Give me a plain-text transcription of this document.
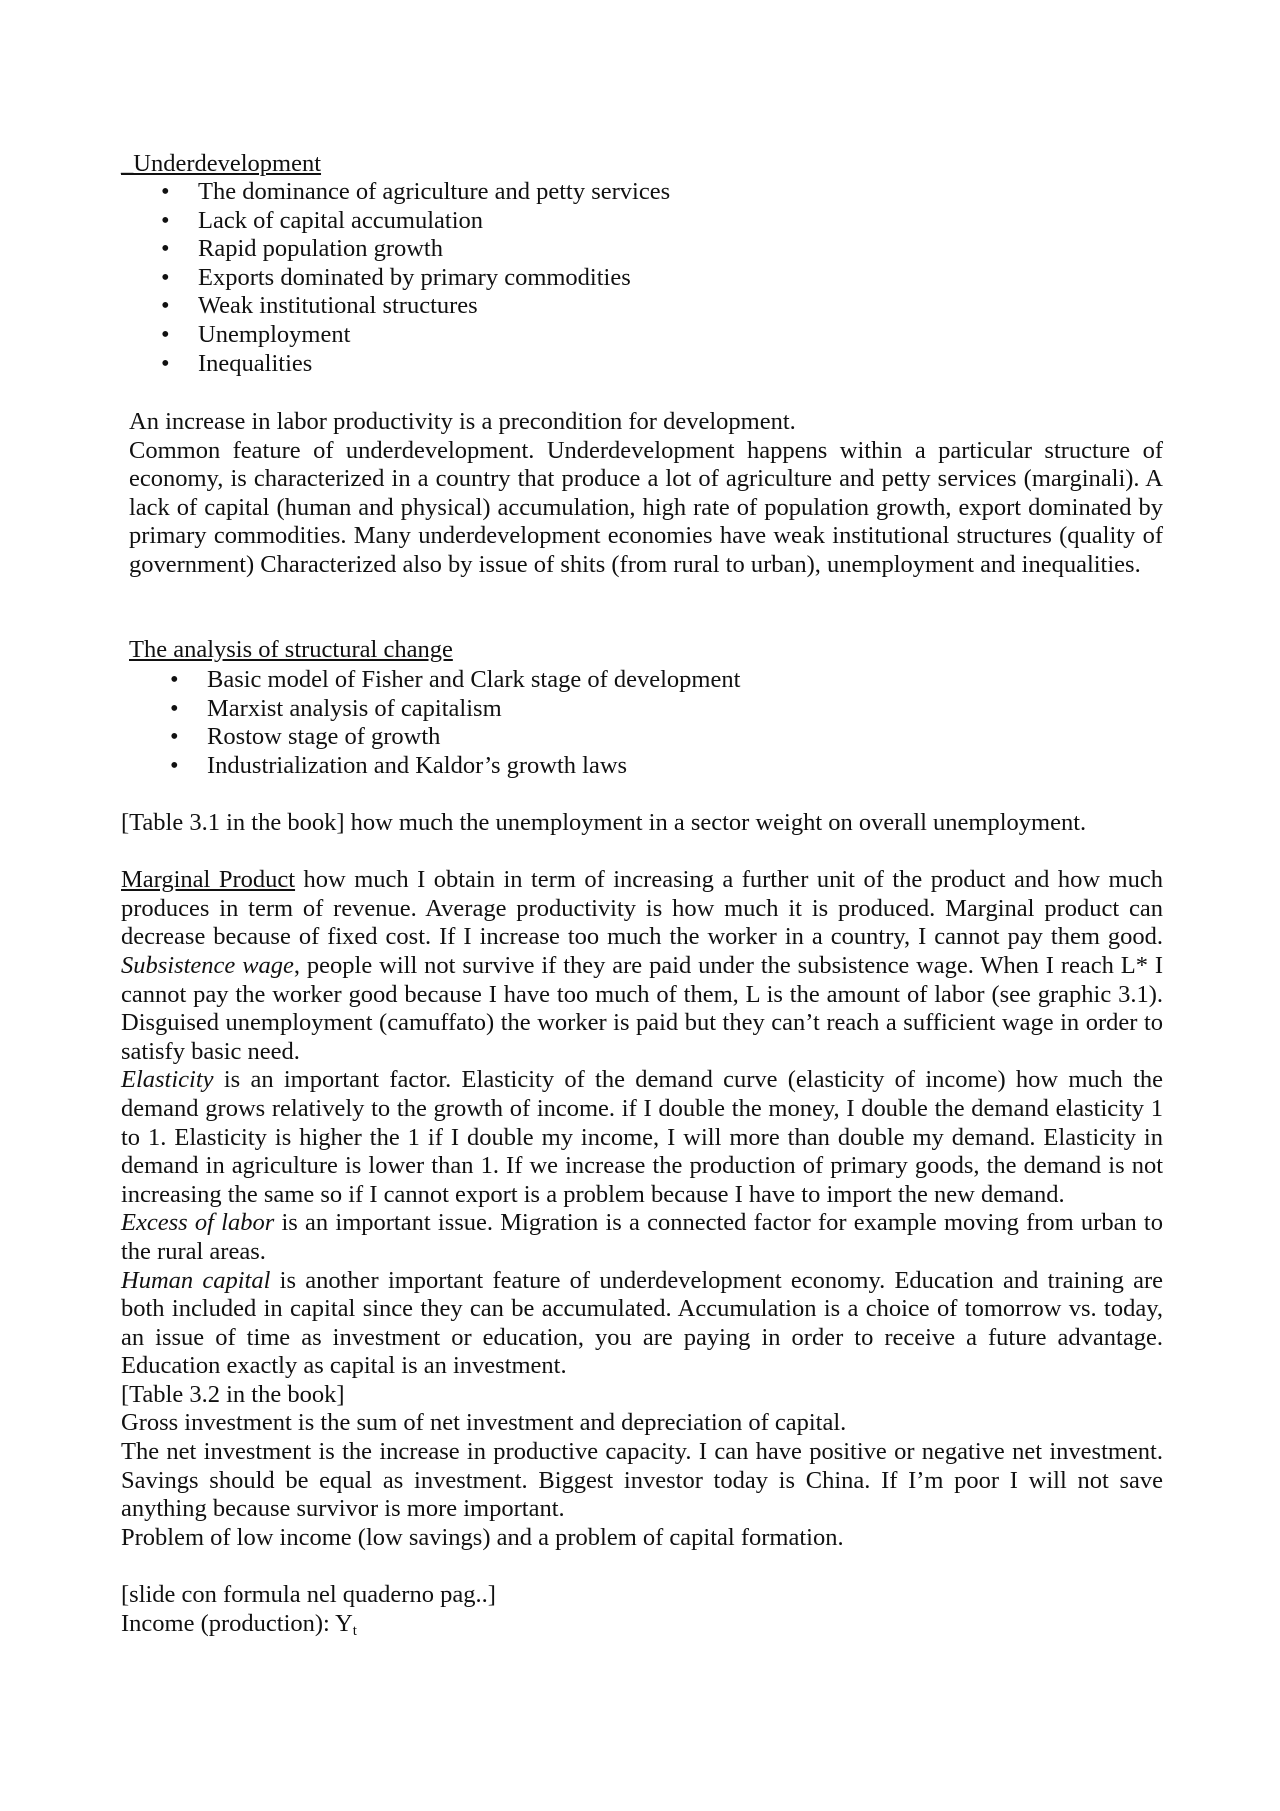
_Underdevelopment
• The dominance of agriculture and petty services
• Lack of capital accumulation
• Rapid population growth
• Exports dominated by primary commodities
• Weak institutional structures
• Unemployment
• Inequalities

An increase in labor productivity is a precondition for development.

Common feature of underdevelopment. Underdevelopment happens within a particular structure of economy, is characterized in a country that produce a lot of agriculture and petty services (marginali). A lack of capital (human and physical) accumulation, high rate of population growth, export dominated by primary commodities. Many underdevelopment economies have weak institutional structures (quality of government) Characterized also by issue of shits (from rural to urban), unemployment and inequalities.

The analysis of structural change
• Basic model of Fisher and Clark stage of development
• Marxist analysis of capitalism
• Rostow stage of growth
• Industrialization and Kaldor’s growth laws

[Table 3.1 in the book] how much the unemployment in a sector weight on overall unemployment.

Marginal Product how much I obtain in term of increasing a further unit of the product and how much produces in term of revenue. Average productivity is how much it is produced. Marginal product can decrease because of fixed cost. If I increase too much the worker in a country, I cannot pay them good. Subsistence wage, people will not survive if they are paid under the subsistence wage. When I reach L* I cannot pay the worker good because I have too much of them, L is the amount of labor (see graphic 3.1). Disguised unemployment (camuffato) the worker is paid but they can’t reach a sufficient wage in order to satisfy basic need.

Elasticity is an important factor. Elasticity of the demand curve (elasticity of income) how much the demand grows relatively to the growth of income. if I double the money, I double the demand elasticity 1 to 1. Elasticity is higher the 1 if I double my income, I will more than double my demand. Elasticity in demand in agriculture is lower than 1. If we increase the production of primary goods, the demand is not increasing the same so if I cannot export is a problem because I have to import the new demand.

Excess of labor is an important issue. Migration is a connected factor for example moving from urban to the rural areas.

Human capital is another important feature of underdevelopment economy. Education and training are both included in capital since they can be accumulated. Accumulation is a choice of tomorrow vs. today, an issue of time as investment or education, you are paying in order to receive a future advantage. Education exactly as capital is an investment.

[Table 3.2 in the book]

Gross investment is the sum of net investment and depreciation of capital.

The net investment is the increase in productive capacity. I can have positive or negative net investment. Savings should be equal as investment. Biggest investor today is China. If I’m poor I will not save anything because survivor is more important.

Problem of low income (low savings) and a problem of capital formation.

[slide con formula nel quaderno pag..]

Income (production): $Y_t$
